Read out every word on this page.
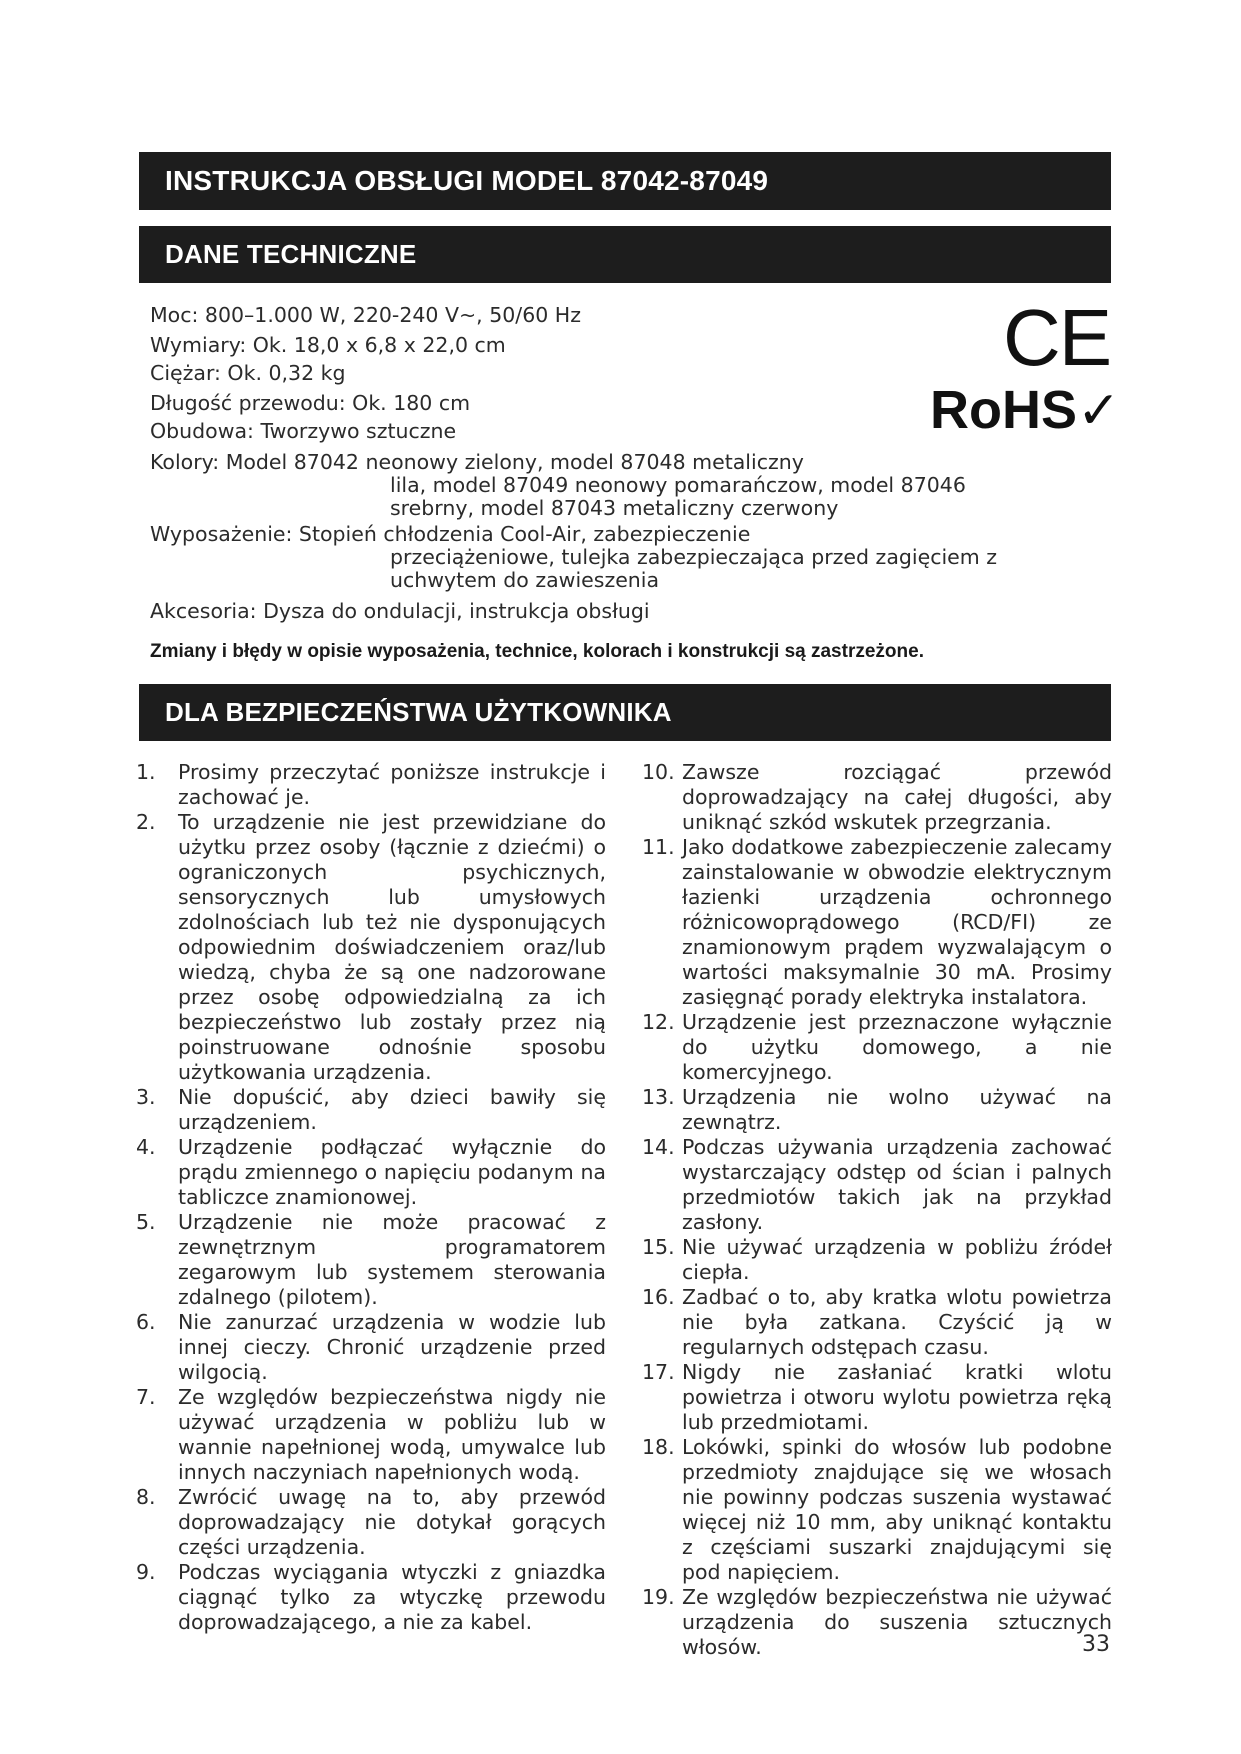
INSTRUKCJA OBSŁUGI MODEL 87042-87049
DANE TECHNICZNE
Moc: 800–1.000 W, 220-240 V~, 50/60 Hz
Wymiary: Ok. 18,0 x 6,8 x 22,0 cm
Ciężar: Ok. 0,32 kg
Długość przewodu: Ok. 180 cm
Obudowa: Tworzywo sztuczne
Kolory: Model 87042 neonowy zielony, model 87048 metaliczny
lila, model 87049 neonowy pomarańczow, model 87046
srebrny, model 87043 metaliczny czerwony
Wyposażenie: Stopień chłodzenia Cool-Air, zabezpieczenie
przeciążeniowe, tulejka zabezpieczająca przed zagięciem z
uchwytem do zawieszenia
Akcesoria: Dysza do ondulacji, instrukcja obsługi
Zmiany i błędy w opisie wyposażenia, technice, kolorach i konstrukcji są zastrzeżone.
CE
RoHS✓
DLA BEZPIECZEŃSTWA UŻYTKOWNIKA
1. Prosimy przeczytać poniższe instrukcje i zachować je.
2. To urządzenie nie jest przewidziane do użytku przez osoby (łącznie z dziećmi) o ograniczonych psychicznych, sensorycznych lub umysłowych zdolnościach lub też nie dysponujących odpowiednim doświadczeniem oraz/lub wiedzą, chyba że są one nadzorowane przez osobę odpowiedzialną za ich bezpieczeństwo lub zostały przez nią poinstruowane odnośnie sposobu użytkowania urządzenia.
3. Nie dopuścić, aby dzieci bawiły się urządzeniem.
4. Urządzenie podłączać wyłącznie do prądu zmiennego o napięciu podanym na tabliczce znamionowej.
5. Urządzenie nie może pracować z zewnętrznym programatorem zegarowym lub systemem sterowania zdalnego (pilotem).
6. Nie zanurzać urządzenia w wodzie lub innej cieczy. Chronić urządzenie przed wilgocią.
7. Ze względów bezpieczeństwa nigdy nie używać urządzenia w pobliżu lub w wannie napełnionej wodą, umywalce lub innych naczyniach napełnionych wodą.
8. Zwrócić uwagę na to, aby przewód doprowadzający nie dotykał gorących części urządzenia.
9. Podczas wyciągania wtyczki z gniazdka ciągnąć tylko za wtyczkę przewodu doprowadzającego, a nie za kabel.
10. Zawsze rozciągać przewód doprowadzający na całej długości, aby uniknąć szkód wskutek przegrzania.
11. Jako dodatkowe zabezpieczenie zalecamy zainstalowanie w obwodzie elektrycznym łazienki urządzenia ochronnego różnicowoprądowego (RCD/FI) ze znamionowym prądem wyzwalającym o wartości maksymalnie 30 mA. Prosimy zasięgnąć porady elektryka instalatora.
12. Urządzenie jest przeznaczone wyłącznie do użytku domowego, a nie komercyjnego.
13. Urządzenia nie wolno używać na zewnątrz.
14. Podczas używania urządzenia zachować wystarczający odstęp od ścian i palnych przedmiotów takich jak na przykład zasłony.
15. Nie używać urządzenia w pobliżu źródeł ciepła.
16. Zadbać o to, aby kratka wlotu powietrza nie była zatkana. Czyścić ją w regularnych odstępach czasu.
17. Nigdy nie zasłaniać kratki wlotu powietrza i otworu wylotu powietrza ręką lub przedmiotami.
18. Lokówki, spinki do włosów lub podobne przedmioty znajdujące się we włosach nie powinny podczas suszenia wystawać więcej niż 10 mm, aby uniknąć kontaktu z częściami suszarki znajdującymi się pod napięciem.
19. Ze względów bezpieczeństwa nie używać urządzenia do suszenia sztucznych włosów.	33
